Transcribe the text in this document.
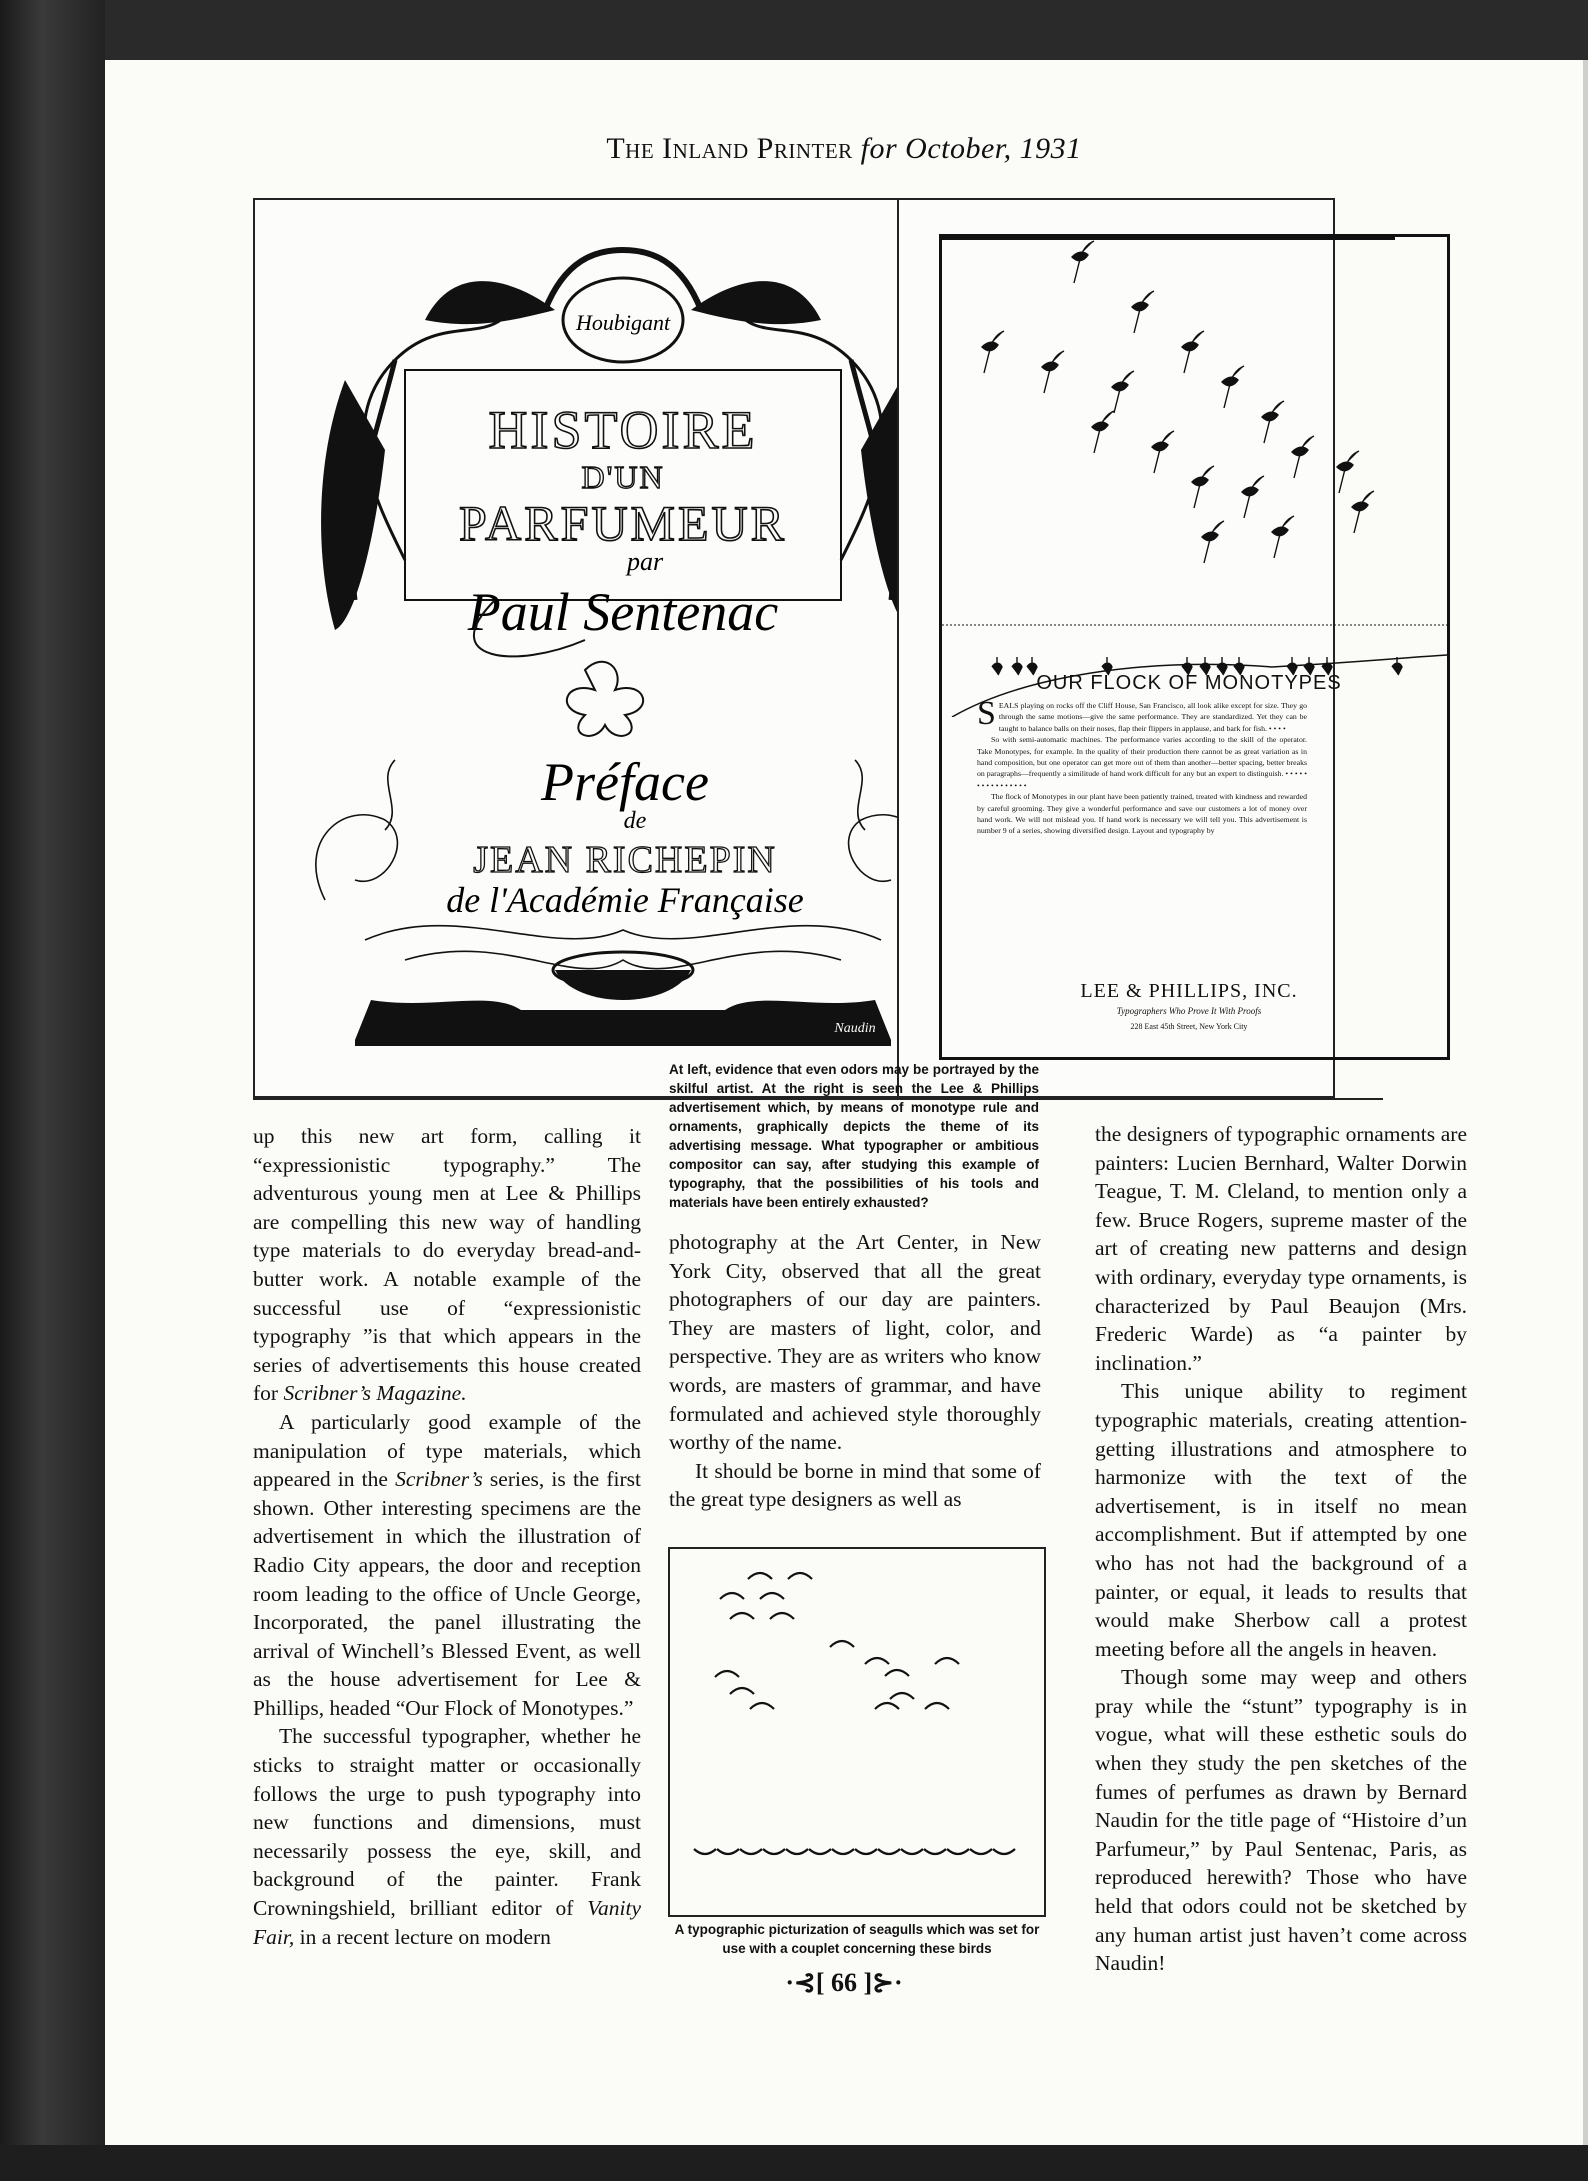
The Inland Printer for October, 1931
Houbigant
HISTOIRE
D'UN
PARFUMEUR
par
Paul Sentenac
Préface
de
JEAN RICHEPIN
de l'Académie Française
Naudin
OUR FLOCK OF MONOTYPES
SEALS playing on rocks off the Cliff House, San Francisco, all look alike except for size. They go through the same motions—give the same performance. They are standardized. Yet they can be taught to balance balls on their noses, flap their flippers in applause, and bark for fish. • • • •
So with semi-automatic machines. The performance varies according to the skill of the operator. Take Monotypes, for example. In the quality of their production there cannot be as great variation as in hand composition, but one operator can get more out of them than another—better spacing, better breaks on paragraphs—frequently a similitude of hand work difficult for any but an expert to distinguish. • • • • • • • • • • • • • • • •
The flock of Monotypes in our plant have been patiently trained, treated with kindness and rewarded by careful grooming. They give a wonderful performance and save our customers a lot of money over hand work. We will not mislead you. If hand work is necessary we will tell you. This advertisement is number 9 of a series, showing diversified design. Layout and typography by
LEE & PHILLIPS, INC.
Typographers Who Prove It With Proofs
228 East 45th Street, New York City

up this new art form, calling it “expressionistic typography.” The adventurous young men at Lee & Phillips are compelling this new way of handling type materials to do everyday bread-and-butter work. A notable example of the successful use of “expressionistic typography ”is that which appears in the series of advertisements this house created for Scribner’s Magazine.

A particularly good example of the manipulation of type materials, which appeared in the Scribner’s series, is the first shown. Other interesting specimens are the advertisement in which the illustration of Radio City appears, the door and reception room leading to the office of Uncle George, Incorporated, the panel illustrating the arrival of Winchell’s Blessed Event, as well as the house advertisement for Lee & Phillips, headed “Our Flock of Monotypes.”

The successful typographer, whether he sticks to straight matter or occasionally follows the urge to push typography into new functions and dimensions, must necessarily possess the eye, skill, and background of the painter. Frank Crowningshield, brilliant editor of Vanity Fair, in a recent lecture on modern

At left, evidence that even odors may be portrayed by the skilful artist. At the right is seen the Lee & Phillips advertisement which, by means of monotype rule and ornaments, graphically depicts the theme of its advertising message. What typographer or ambitious compositor can say, after studying this example of typography, that the possibilities of his tools and materials have been entirely exhausted?

photography at the Art Center, in New York City, observed that all the great photographers of our day are painters. They are masters of light, color, and perspective. They are as writers who know words, are masters of grammar, and have formulated and achieved style thoroughly worthy of the name.

It should be borne in mind that some of the great type designers as well as

A typographic picturization of seagulls which was set for use with a couplet concerning these birds

the designers of typographic ornaments are painters: Lucien Bernhard, Walter Dorwin Teague, T. M. Cleland, to mention only a few. Bruce Rogers, supreme master of the art of creating new patterns and design with ordinary, everyday type ornaments, is characterized by Paul Beaujon (Mrs. Frederic Warde) as “a painter by inclination.”

This unique ability to regiment typographic materials, creating attention-getting illustrations and atmosphere to harmonize with the text of the advertisement, is in itself no mean accomplishment. But if attempted by one who has not had the background of a painter, or equal, it leads to results that would make Sherbow call a protest meeting before all the angels in heaven.

Though some may weep and others pray while the “stunt” typography is in vogue, what will these esthetic souls do when they study the pen sketches of the fumes of perfumes as drawn by Bernard Naudin for the title page of “Histoire d’un Parfumeur,” by Paul Sentenac, Paris, as reproduced herewith? Those who have held that odors could not be sketched by any human artist just haven’t come across Naudin!

·⊰[ 66 ]⊱·
